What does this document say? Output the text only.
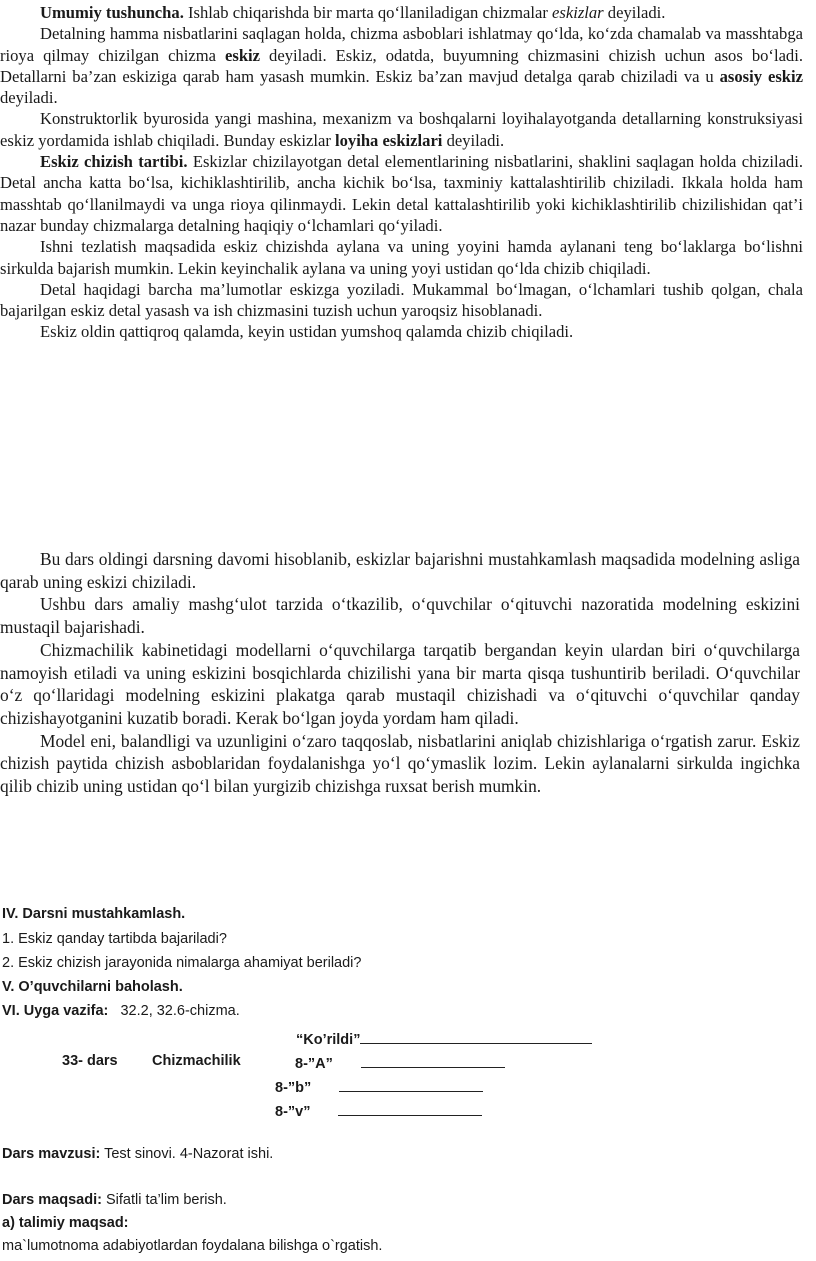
Umumiy tushuncha. Ishlab chiqarishda bir marta qo‘llaniladigan chizmalar eskizlar deyiladi.

Detalning hamma nisbatlarini saqlagan holda, chizma asboblari ishlatmay qo‘lda, ko‘zda chamalab va masshtabga rioya qilmay chizilgan chizma eskiz deyiladi. Eskiz, odatda, buyumning chizmasini chizish uchun asos bo‘ladi. Detallarni ba’zan eskiziga qarab ham yasash mumkin. Eskiz ba’zan mavjud detalga qarab chiziladi va u asosiy eskiz deyiladi.

Konstruktorlik byurosida yangi mashina, mexanizm va boshqalarni loyihalayotganda detallarning konstruksiyasi eskiz yordamida ishlab chiqiladi. Bunday eskizlar loyiha eskizlari deyiladi.

Eskiz chizish tartibi. Eskizlar chizilayotgan detal elementlarining nisbatlarini, shaklini saqlagan holda chiziladi. Detal ancha katta bo‘lsa, kichiklashtirilib, ancha kichik bo‘lsa, taxminiy kattalashtirilib chiziladi. Ikkala holda ham masshtab qo‘llanilmaydi va unga rioya qilinmaydi. Lekin detal kattalashtirilib yoki kichiklashtirilib chizilishidan qat’i nazar bunday chizmalarga detalning haqiqiy o‘lchamlari qo‘yiladi.

Ishni tezlatish maqsadida eskiz chizishda aylana va uning yoyini hamda aylanani teng bo‘laklarga bo‘lishni sirkulda bajarish mumkin. Lekin keyinchalik aylana va uning yoyi ustidan qo‘lda chizib chiqiladi.

Detal haqidagi barcha ma’lumotlar eskizga yoziladi. Mukammal bo‘lmagan, o‘lchamlari tushib qolgan, chala bajarilgan eskiz detal yasash va ish chizmasini tuzish uchun yaroqsiz hisoblanadi.

Eskiz oldin qattiqroq qalamda, keyin ustidan yumshoq qalamda chizib chiqiladi.

Bu dars oldingi darsning davomi hisoblanib, eskizlar bajarishni mustahkamlash maqsadida modelning asliga qarab uning eskizi chiziladi.

Ushbu dars amaliy mashg‘ulot tarzida o‘tkazilib, o‘quvchilar o‘qituvchi nazoratida modelning eskizini mustaqil bajarishadi.

Chizmachilik kabinetidagi modellarni o‘quvchilarga tarqatib bergandan keyin ulardan biri o‘quvchilarga namoyish etiladi va uning eskizini bosqichlarda chizilishi yana bir marta qisqa tushuntirib beriladi. O‘quvchilar o‘z qo‘llaridagi modelning eskizini plakatga qarab mustaqil chizishadi va o‘qituvchi o‘quvchilar qanday chizishayotganini kuzatib boradi. Kerak bo‘lgan joyda yordam ham qiladi.

Model eni, balandligi va uzunligini o‘zaro taqqoslab, nisbatlarini aniqlab chizishlariga o‘rgatish zarur. Eskiz chizish paytida chizish asboblaridan foydalanishga yo‘l qo‘ymaslik lozim. Lekin aylanalarni sirkulda ingichka qilib chizib uning ustidan qo‘l bilan yurgizib chizishga ruxsat berish mumkin.

IV. Darsni mustahkamlash.
1. Eskiz qanday tartibda bajariladi?
2. Eskiz chizish jarayonida nimalarga ahamiyat beriladi?
V. O’quvchilarni baholash.
VI. Uyga vazifa: 32.2, 32.6-chizma.
“Ko’rildi”
33- dars Chizmachilik	8-”A”
8-”b”
8-”v”
Dars mavzusi: Test sinovi. 4-Nazorat ishi.
Dars maqsadi: Sifatli ta’lim berish.
a) talimiy maqsad:
ma`lumotnoma adabiyotlardan foydalana bilishga o`rgatish.
